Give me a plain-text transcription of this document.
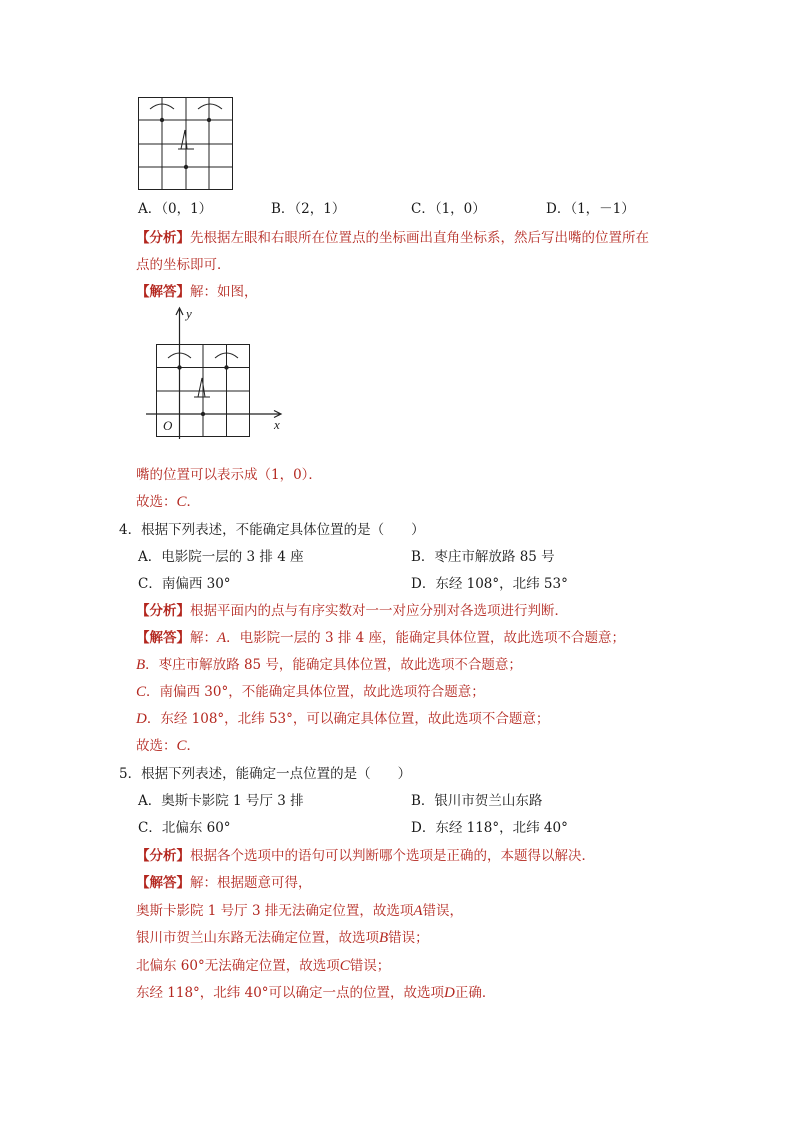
A．（0，1）	B．（2，1）	C．（1，0）	D．（1，－1）
【分析】先根据左眼和右眼所在位置点的坐标画出直角坐标系，然后写出嘴的位置所在
点的坐标即可．
【解答】解：如图，
y
x
O
嘴的位置可以表示成（1，0）．
故选：C．
4．根据下列表述，不能确定具体位置的是（　　）
A．电影院一层的 3 排 4 座	B．枣庄市解放路 85 号
C．南偏西 30°	D．东经 108°，北纬 53°
【分析】根据平面内的点与有序实数对一一对应分别对各选项进行判断．
【解答】解：A．电影院一层的 3 排 4 座，能确定具体位置，故此选项不合题意；
B．枣庄市解放路 85 号，能确定具体位置，故此选项不合题意；
C．南偏西 30°，不能确定具体位置，故此选项符合题意；
D．东经 108°，北纬 53°，可以确定具体位置，故此选项不合题意；
故选：C．
5．根据下列表述，能确定一点位置的是（　　）
A．奥斯卡影院 1 号厅 3 排	B．银川市贺兰山东路
C．北偏东 60°	D．东经 118°，北纬 40°
【分析】根据各个选项中的语句可以判断哪个选项是正确的，本题得以解决．
【解答】解：根据题意可得，
奥斯卡影院 1 号厅 3 排无法确定位置，故选项A错误，
银川市贺兰山东路无法确定位置，故选项B错误；
北偏东 60°无法确定位置，故选项C错误；
东经 118°，北纬 40°可以确定一点的位置，故选项D正确．
